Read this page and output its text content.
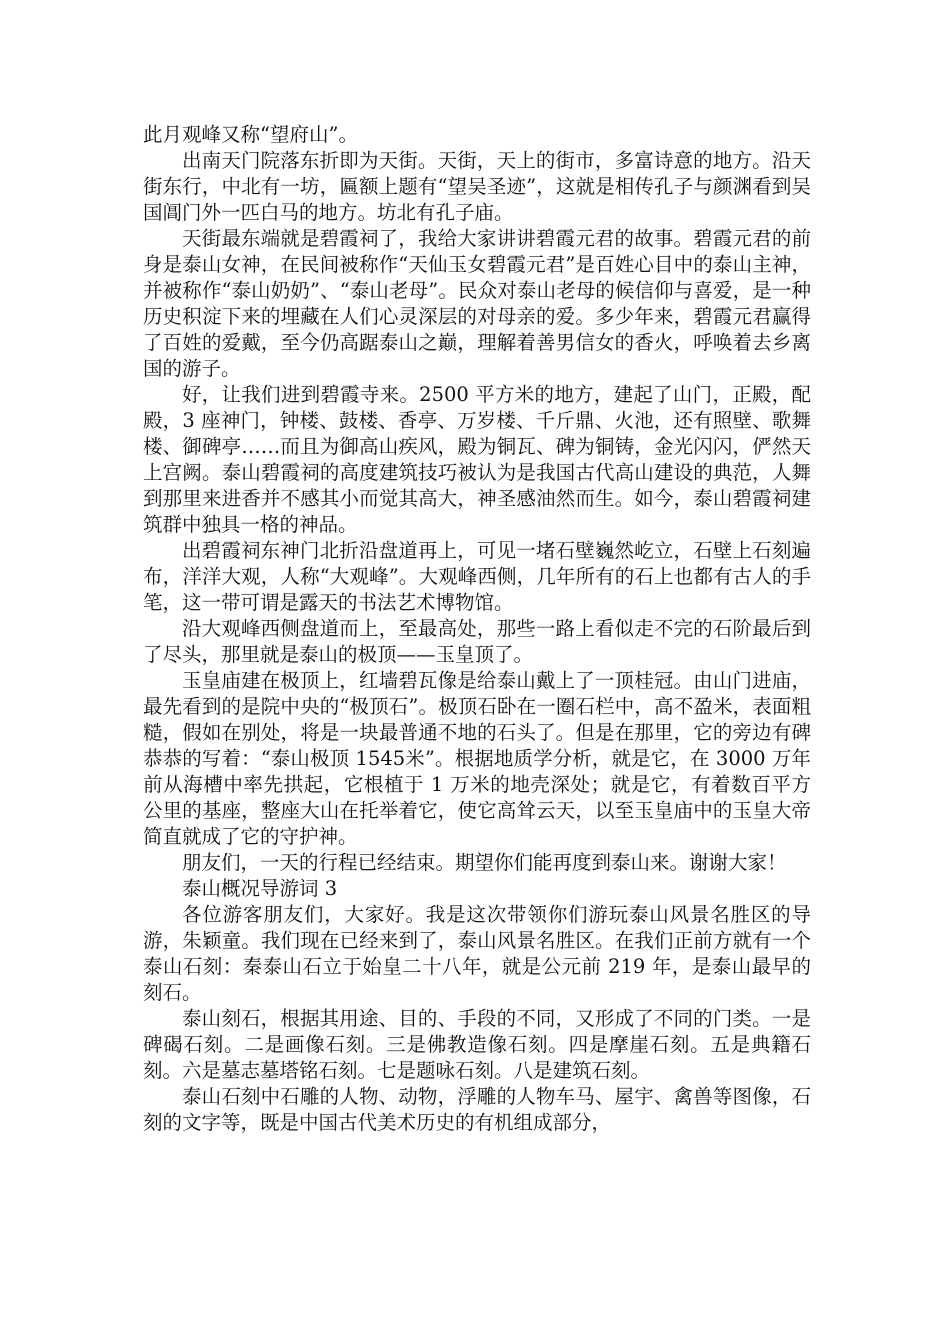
此月观峰又称“望府山”。

出南天门院落东折即为天街。天街，天上的街市，多富诗意的地方。沿天街东行，中北有一坊，匾额上题有“望吴圣迹”，这就是相传孔子与颜渊看到吴国阊门外一匹白马的地方。坊北有孔子庙。

天街最东端就是碧霞祠了，我给大家讲讲碧霞元君的故事。碧霞元君的前身是泰山女神，在民间被称作“天仙玉女碧霞元君”是百姓心目中的泰山主神，并被称作“泰山奶奶”、“泰山老母”。民众对泰山老母的候信仰与喜爱，是一种历史积淀下来的埋藏在人们心灵深层的对母亲的爱。多少年来，碧霞元君赢得了百姓的爱戴，至今仍高踞泰山之巅，理解着善男信女的香火，呼唤着去乡离国的游子。

好，让我们进到碧霞寺来。2500 平方米的地方，建起了山门，正殿，配殿，3 座神门，钟楼、鼓楼、香亭、万岁楼、千斤鼎、火池，还有照壁、歌舞楼、御碑亭……而且为御高山疾风，殿为铜瓦、碑为铜铸，金光闪闪，俨然天上宫阙。泰山碧霞祠的高度建筑技巧被认为是我国古代高山建设的典范，人舞到那里来进香并不感其小而觉其高大，神圣感油然而生。如今，泰山碧霞祠建筑群中独具一格的神品。

出碧霞祠东神门北折沿盘道再上，可见一堵石壁巍然屹立，石壁上石刻遍布，洋洋大观，人称“大观峰”。大观峰西侧，几年所有的石上也都有古人的手笔，这一带可谓是露天的书法艺术博物馆。

沿大观峰西侧盘道而上，至最高处，那些一路上看似走不完的石阶最后到了尽头，那里就是泰山的极顶——玉皇顶了。

玉皇庙建在极顶上，红墙碧瓦像是给泰山戴上了一顶桂冠。由山门进庙，最先看到的是院中央的“极顶石”。极顶石卧在一圈石栏中，高不盈米，表面粗糙，假如在别处，将是一块最普通不地的石头了。但是在那里，它的旁边有碑恭恭的写着：“泰山极顶 1545米”。根据地质学分析，就是它，在 3000 万年前从海槽中率先拱起，它根植于 1 万米的地壳深处；就是它，有着数百平方公里的基座，整座大山在托举着它，使它高耸云天，以至玉皇庙中的玉皇大帝简直就成了它的守护神。

朋友们，一天的行程已经结束。期望你们能再度到泰山来。谢谢大家！

泰山概况导游词 3

各位游客朋友们，大家好。我是这次带领你们游玩泰山风景名胜区的导游，朱颖童。我们现在已经来到了，泰山风景名胜区。在我们正前方就有一个泰山石刻：秦泰山石立于始皇二十八年，就是公元前 219 年，是泰山最早的刻石。

泰山刻石，根据其用途、目的、手段的不同，又形成了不同的门类。一是碑碣石刻。二是画像石刻。三是佛教造像石刻。四是摩崖石刻。五是典籍石刻。六是墓志墓塔铭石刻。七是题咏石刻。八是建筑石刻。

泰山石刻中石雕的人物、动物，浮雕的人物车马、屋宇、禽兽等图像，石刻的文字等，既是中国古代美术历史的有机组成部分，
